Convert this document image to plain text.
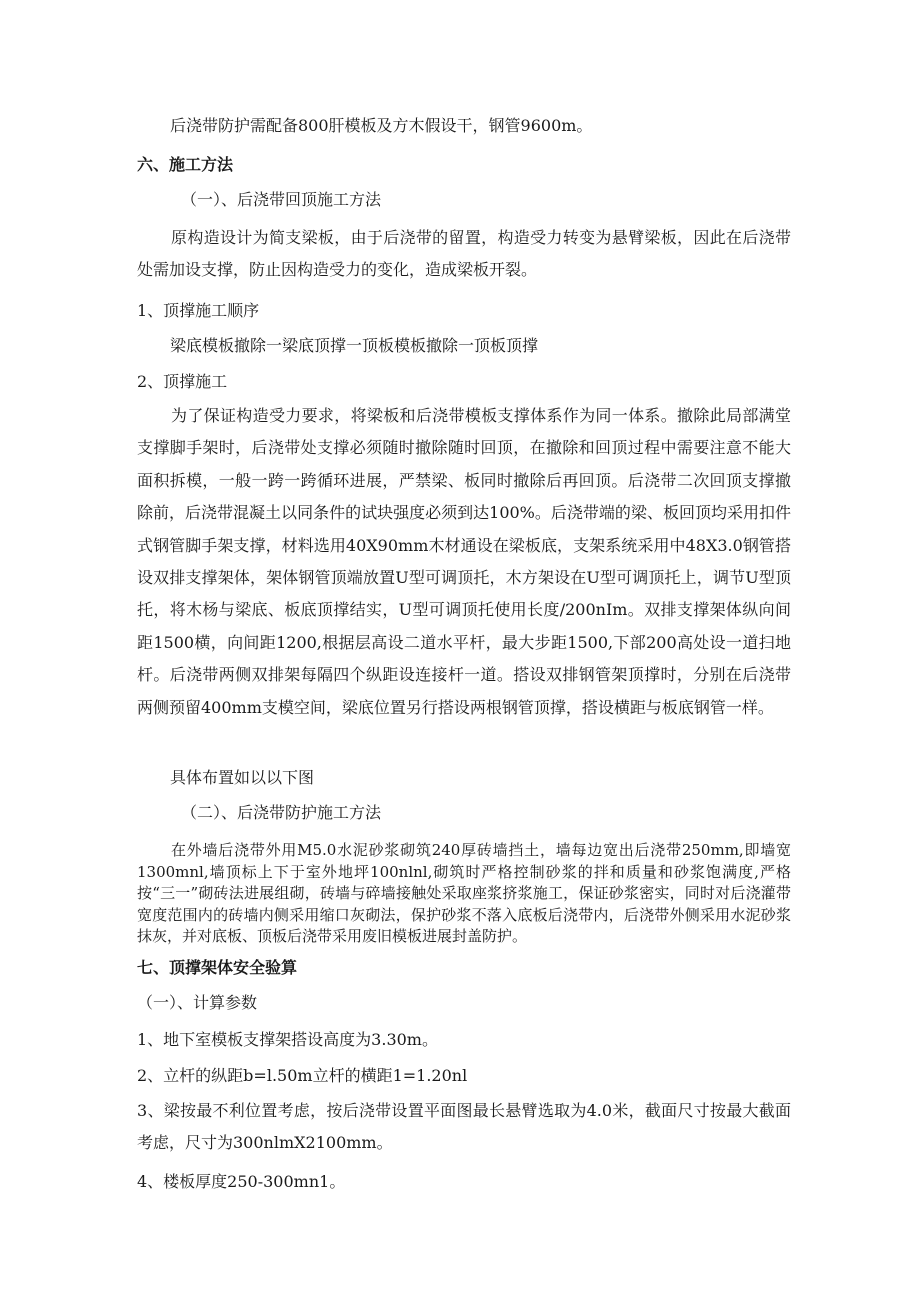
后浇带防护需配备800肝模板及方木假设干，钢管9600m。
六、施工方法
（一）、后浇带回顶施工方法
原构造设计为简支梁板，由于后浇带的留置，构造受力转变为悬臂梁板，因此在后浇带处需加设支撑，防止因构造受力的变化，造成梁板开裂。
1、顶撑施工顺序
梁底模板撤除一梁底顶撑一顶板模板撤除一顶板顶撑
2、顶撑施工
为了保证构造受力要求，将梁板和后浇带模板支撑体系作为同一体系。撤除此局部满堂支撑脚手架时，后浇带处支撑必须随时撤除随时回顶，在撤除和回顶过程中需要注意不能大面积拆模，一般一跨一跨循环进展，严禁梁、板同时撤除后再回顶。后浇带二次回顶支撑撤除前，后浇带混凝土以同条件的试块强度必须到达100%。后浇带端的梁、板回顶均采用扣件式钢管脚手架支撑，材料选用40X90mm木材通设在梁板底，支架系统采用中48X3.0钢管搭设双排支撑架体，架体钢管顶端放置U型可调顶托，木方架设在U型可调顶托上，调节U型顶托，将木杨与梁底、板底顶撑结实，U型可调顶托使用长度/200nIm。双排支撑架体纵向间距1500横，向间距1200,根据层高设二道水平杆，最大步距1500,下部200高处设一道扫地杆。后浇带两侧双排架每隔四个纵距设连接杆一道。搭设双排钢管架顶撑时，分别在后浇带两侧预留400mm支模空间，梁底位置另行搭设两根钢管顶撑，搭设横距与板底钢管一样。
具体布置如以以下图
（二）、后浇带防护施工方法
在外墙后浇带外用M5.0水泥砂浆砌筑240厚砖墙挡土，墙每边宽出后浇带250mm,即墙宽1300mnl,墙顶标上下于室外地坪100nlnl,砌筑时严格控制砂浆的拌和质量和砂浆饱满度,严格按“三一”砌砖法进展组砌，砖墙与碎墙接触处采取座浆挤浆施工，保证砂浆密实，同时对后浇灌带宽度范围内的砖墙内侧采用缩口灰砌法，保护砂浆不落入底板后浇带内，后浇带外侧采用水泥砂浆抹灰，并对底板、顶板后浇带采用废旧模板进展封盖防护。
七、顶撑架体安全验算
（一）、计算参数
1、地下室模板支撑架搭设高度为3.30m。
2、立杆的纵距b=l.50m立杆的横距1=1.20nl
3、梁按最不利位置考虑，按后浇带设置平面图最长悬臂选取为4.0米，截面尺寸按最大截面考虑，尺寸为300nlmX2100mm。
4、楼板厚度250-300mn1。
